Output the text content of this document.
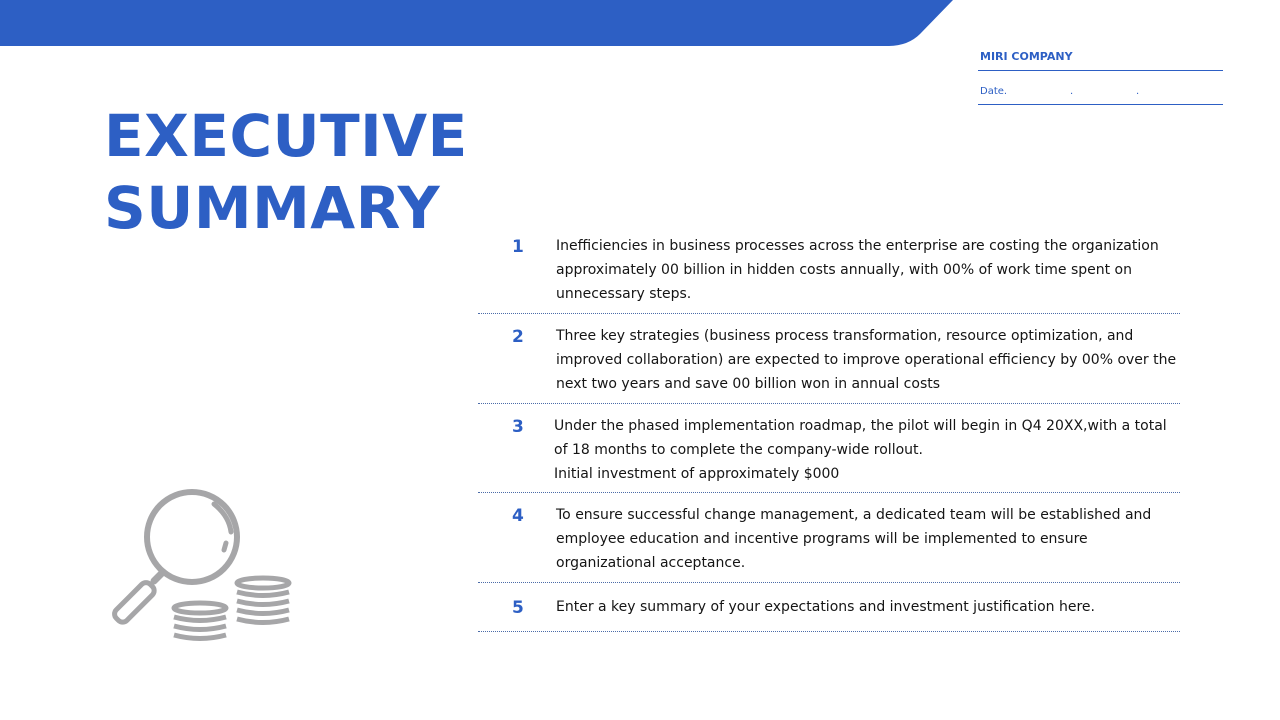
MIRI COMPANY
Date.	.	.
EXECUTIVE
SUMMARY
1 Inefficiencies in business processes across the enterprise are costing the organization approximately 00 billion in hidden costs annually, with 00% of work time spent on unnecessary steps.
2 Three key strategies (business process transformation, resource optimization, and improved collaboration) are expected to improve operational efficiency by 00% over the next two years and save 00 billion won in annual costs
3 Under the phased implementation roadmap, the pilot will begin in Q4 20XX,with a total of 18 months to complete the company-wide rollout.
Initial investment of approximately $000
4 To ensure successful change management, a dedicated team will be established and employee education and incentive programs will be implemented to ensure organizational acceptance.
5 Enter a key summary of your expectations and investment justification here.
